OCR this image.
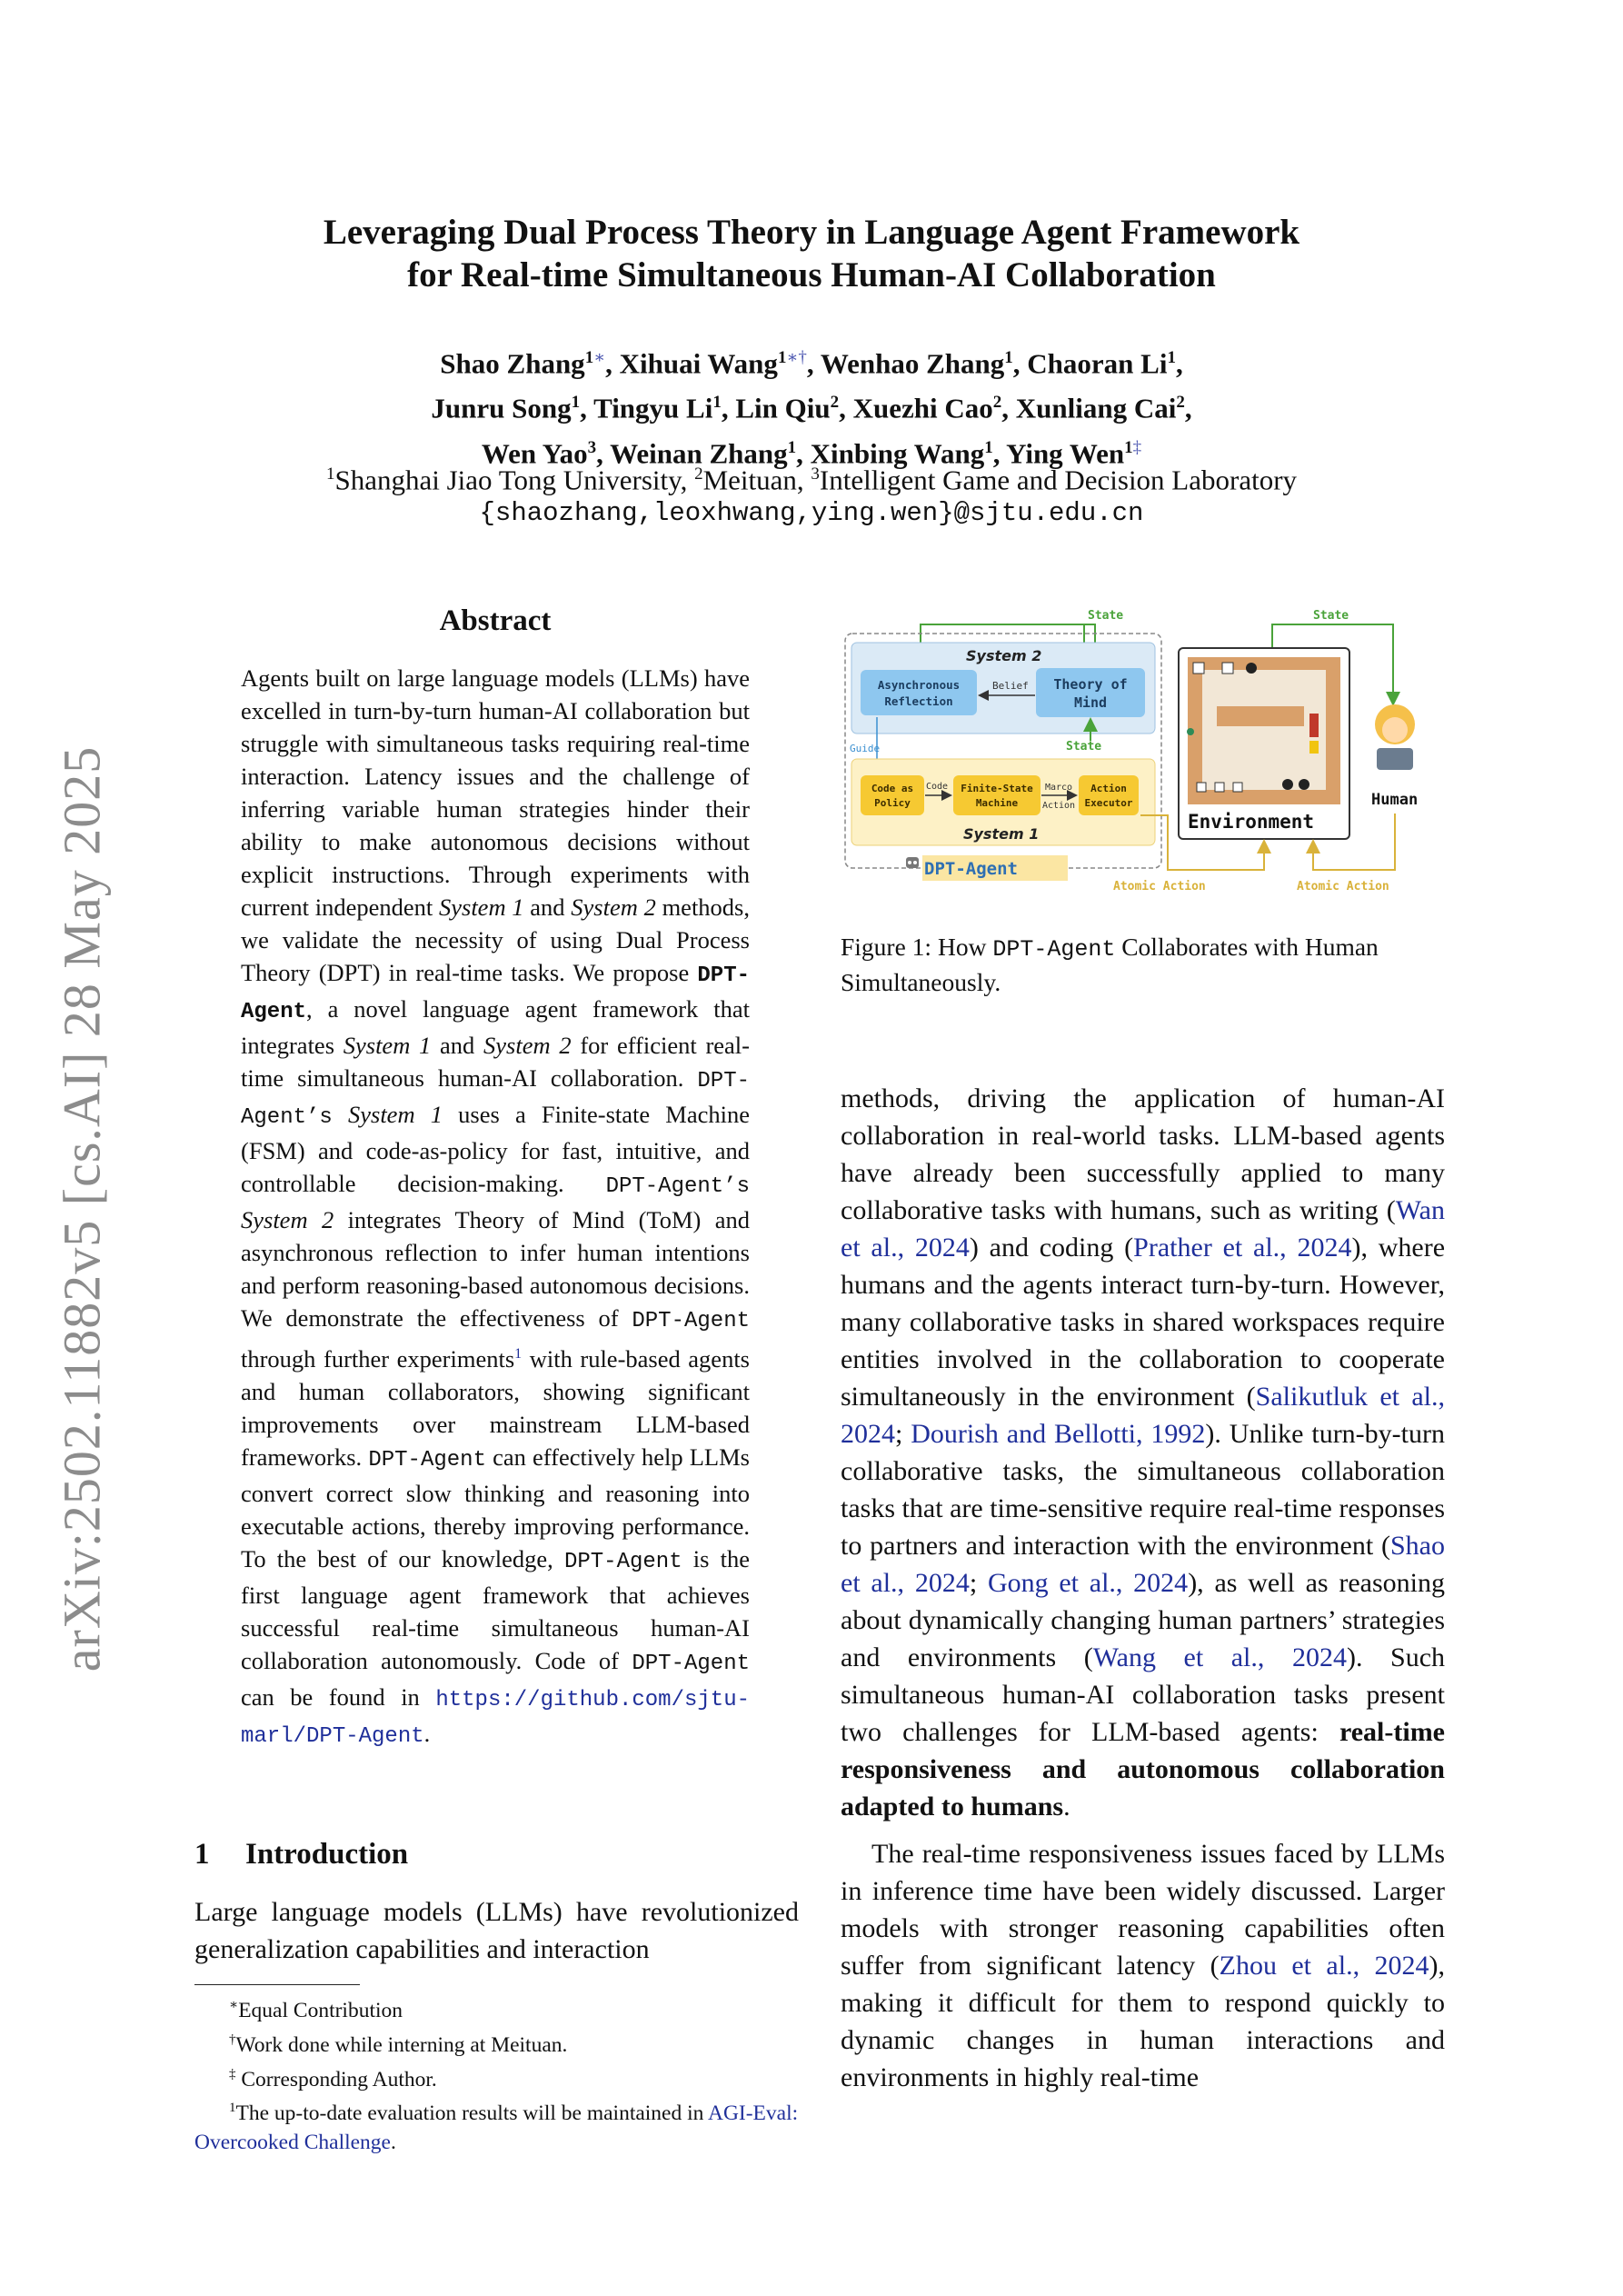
arXiv:2502.11882v5 [cs.AI] 28 May 2025
Leveraging Dual Process Theory in Language Agent Framework
for Real-time Simultaneous Human-AI Collaboration
Shao Zhang$^{1∗}$, Xihuai Wang$^{1∗\dagger}$, Wenhao Zhang$^1$, Chaoran Li$^1$,
Junru Song$^1$, Tingyu Li$^1$, Lin Qiu$^2$, Xuezhi Cao$^2$, Xunliang Cai$^2$,
Wen Yao$^3$, Weinan Zhang$^1$, Xinbing Wang$^1$, Ying Wen$^{1\ddagger}$
$^1$Shanghai Jiao Tong University, $^2$Meituan, $^3$Intelligent Game and Decision Laboratory
{shaozhang,leoxhwang,ying.wen}@sjtu.edu.cn
Abstract
Agents built on large language models (LLMs) have excelled in turn-by-turn human-AI collaboration but struggle with simultaneous tasks requiring real-time interaction. Latency issues and the challenge of inferring variable human strategies hinder their ability to make autonomous decisions without explicit instructions. Through experiments with current independent System 1 and System 2 methods, we validate the necessity of using Dual Process Theory (DPT) in real-time tasks. We propose DPT-Agent, a novel language agent framework that integrates System 1 and System 2 for efficient real-time simultaneous human-AI collaboration. DPT-Agent’s System 1 uses a Finite-state Machine (FSM) and code-as-policy for fast, intuitive, and controllable decision-making. DPT-Agent’s System 2 integrates Theory of Mind (ToM) and asynchronous reflection to infer human intentions and perform reasoning-based autonomous decisions. We demonstrate the effectiveness of DPT-Agent through further experiments$^1$ with rule-based agents and human collaborators, showing significant improvements over mainstream LLM-based frameworks. DPT-Agent can effectively help LLMs convert correct slow thinking and reasoning into executable actions, thereby improving performance. To the best of our knowledge, DPT-Agent is the first language agent framework that achieves successful real-time simultaneous human-AI collaboration autonomously. Code of DPT-Agent can be found in https://github.com/sjtu-marl/DPT-Agent.
1 Introduction
Large language models (LLMs) have revolutionized generalization capabilities and interaction
∗Equal Contribution
†Work done while interning at Meituan.
‡ Corresponding Author.
$^1$The up-to-date evaluation results will be maintained in AGI-Eval: Overcooked Challenge.
State	State
System 2
Asynchronous Reflection
Theory of Mind
Belief
State
Guide
Code as Policy
Code Finite-State Machine
Marco Action
Action Executor
System 1
DPT-Agent
Environment
Human
Atomic Action	Atomic Action
Figure 1: How DPT-Agent Collaborates with Human Simultaneously.

methods, driving the application of human-AI collaboration in real-world tasks. LLM-based agents have already been successfully applied to many collaborative tasks with humans, such as writing (Wan et al., 2024) and coding (Prather et al., 2024), where humans and the agents interact turn-by-turn. However, many collaborative tasks in shared workspaces require entities involved in the collaboration to cooperate simultaneously in the environment (Salikutluk et al., 2024; Dourish and Bellotti, 1992). Unlike turn-by-turn collaborative tasks, the simultaneous collaboration tasks that are time-sensitive require real-time responses to partners and interaction with the environment (Shao et al., 2024; Gong et al., 2024), as well as reasoning about dynamically changing human partners’ strategies and environments (Wang et al., 2024). Such simultaneous human-AI collaboration tasks present two challenges for LLM-based agents: real-time responsiveness and autonomous collaboration adapted to humans.

The real-time responsiveness issues faced by LLMs in inference time have been widely discussed. Larger models with stronger reasoning capabilities often suffer from significant latency (Zhou et al., 2024), making it difficult for them to respond quickly to dynamic changes in human interactions and environments in highly real-time
